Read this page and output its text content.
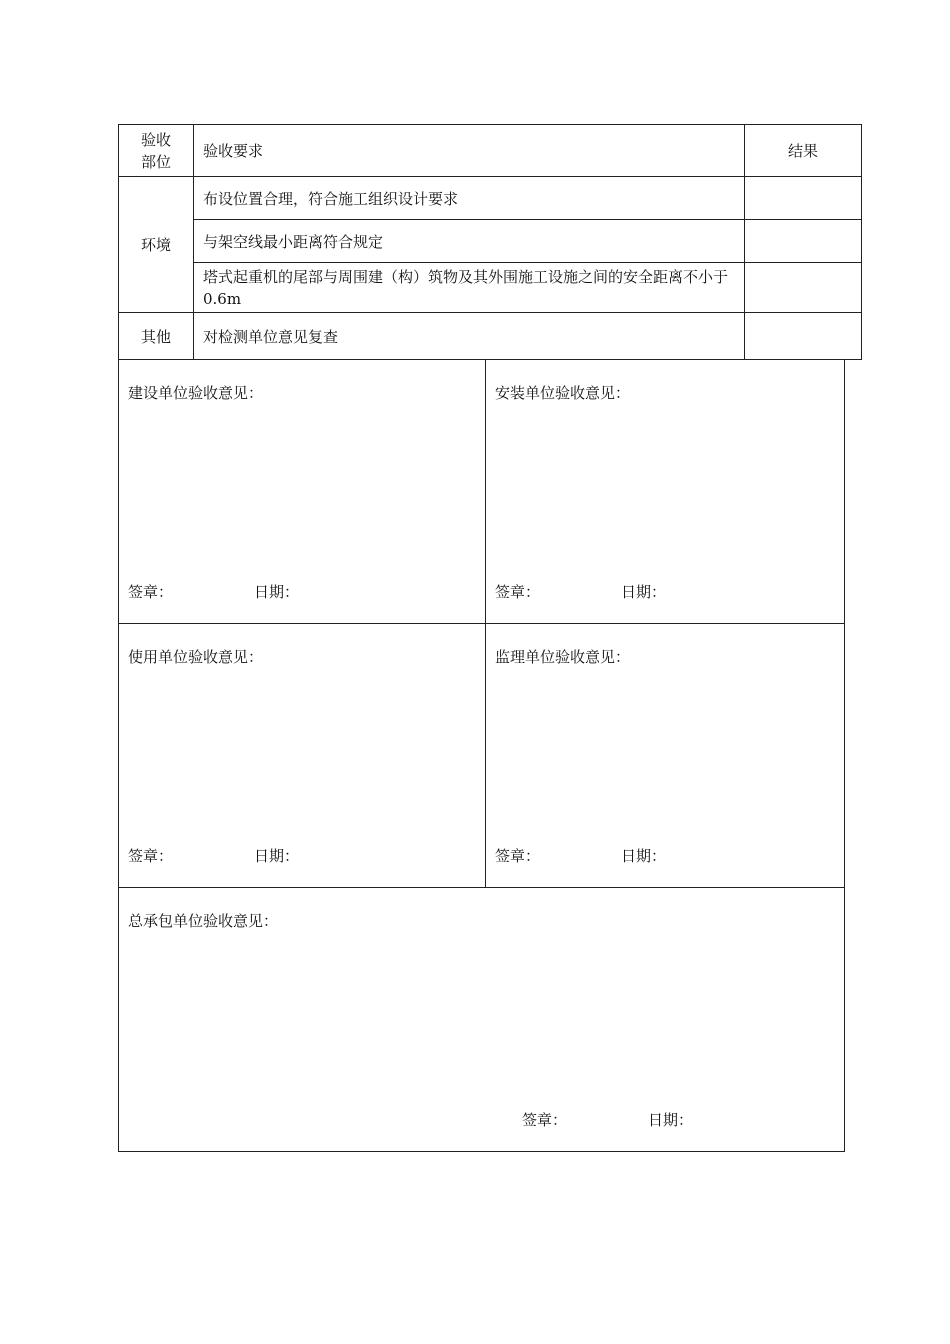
验收部位	验收要求	结果
环境	布设位置合理，符合施工组织设计要求	
	与架空线最小距离符合规定	
	塔式起重机的尾部与周围建（构）筑物及其外围施工设施之间的安全距离不小于 0.6m	
其他	对检测单位意见复查	
建设单位验收意见：
签章：	日期：
安装单位验收意见：
签章：	日期：
使用单位验收意见：
签章：	日期：
监理单位验收意见：
签章：	日期：
总承包单位验收意见：
签章：	日期：
